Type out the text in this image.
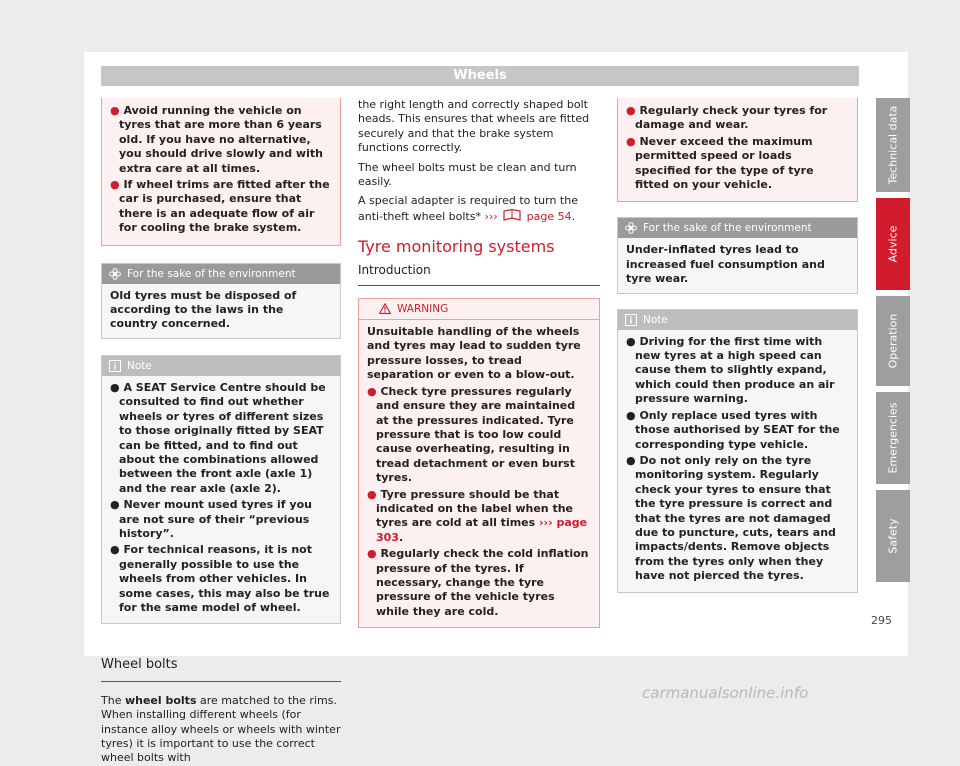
Wheels
● Avoid running the vehicle on tyres that are more than 6 years old. If you have no alternative, you should drive slowly and with extra care at all times.
● If wheel trims are fitted after the car is purchased, ensure that there is an adequate flow of air for cooling the brake system.
For the sake of the environment
Old tyres must be disposed of according to the laws in the country concerned.
Note
● A SEAT Service Centre should be consulted to find out whether wheels or tyres of different sizes to those originally fitted by SEAT can be fitted, and to find out about the combinations allowed between the front axle (axle 1) and the rear axle (axle 2).
● Never mount used tyres if you are not sure of their “previous history”.
● For technical reasons, it is not generally possible to use the wheels from other vehicles. In some cases, this may also be true for the same model of wheel.
Wheel bolts
The wheel bolts are matched to the rims. When installing different wheels (for instance alloy wheels or wheels with winter tyres) it is important to use the correct wheel bolts with

the right length and correctly shaped bolt heads. This ensures that wheels are fitted securely and that the brake system functions correctly.

The wheel bolts must be clean and turn easily.

A special adapter is required to turn the anti-theft wheel bolts* ›››	page 54.

Tyre monitoring systems
Introduction
WARNING
Unsuitable handling of the wheels and tyres may lead to sudden tyre pressure losses, to tread separation or even to a blow-out.
● Check tyre pressures regularly and ensure they are maintained at the pressures indicated. Tyre pressure that is too low could cause overheating, resulting in tread detachment or even burst tyres.
● Tyre pressure should be that indicated on the label when the tyres are cold at all times ››› page 303.
● Regularly check the cold inflation pressure of the tyres. If necessary, change the tyre pressure of the vehicle tyres while they are cold.
● Regularly check your tyres for damage and wear.
● Never exceed the maximum permitted speed or loads specified for the type of tyre fitted on your vehicle.
For the sake of the environment
Under-inflated tyres lead to increased fuel consumption and tyre wear.
Note
● Driving for the first time with new tyres at a high speed can cause them to slightly expand, which could then produce an air pressure warning.
● Only replace used tyres with those authorised by SEAT for the corresponding type vehicle.
● Do not only rely on the tyre monitoring system. Regularly check your tyres to ensure that the tyre pressure is correct and that the tyres are not damaged due to puncture, cuts, tears and impacts/dents. Remove objects from the tyres only when they have not pierced the tyres.
Technical data
Advice
Operation
Emergencies
Safety
295
carmanualsonline.info
